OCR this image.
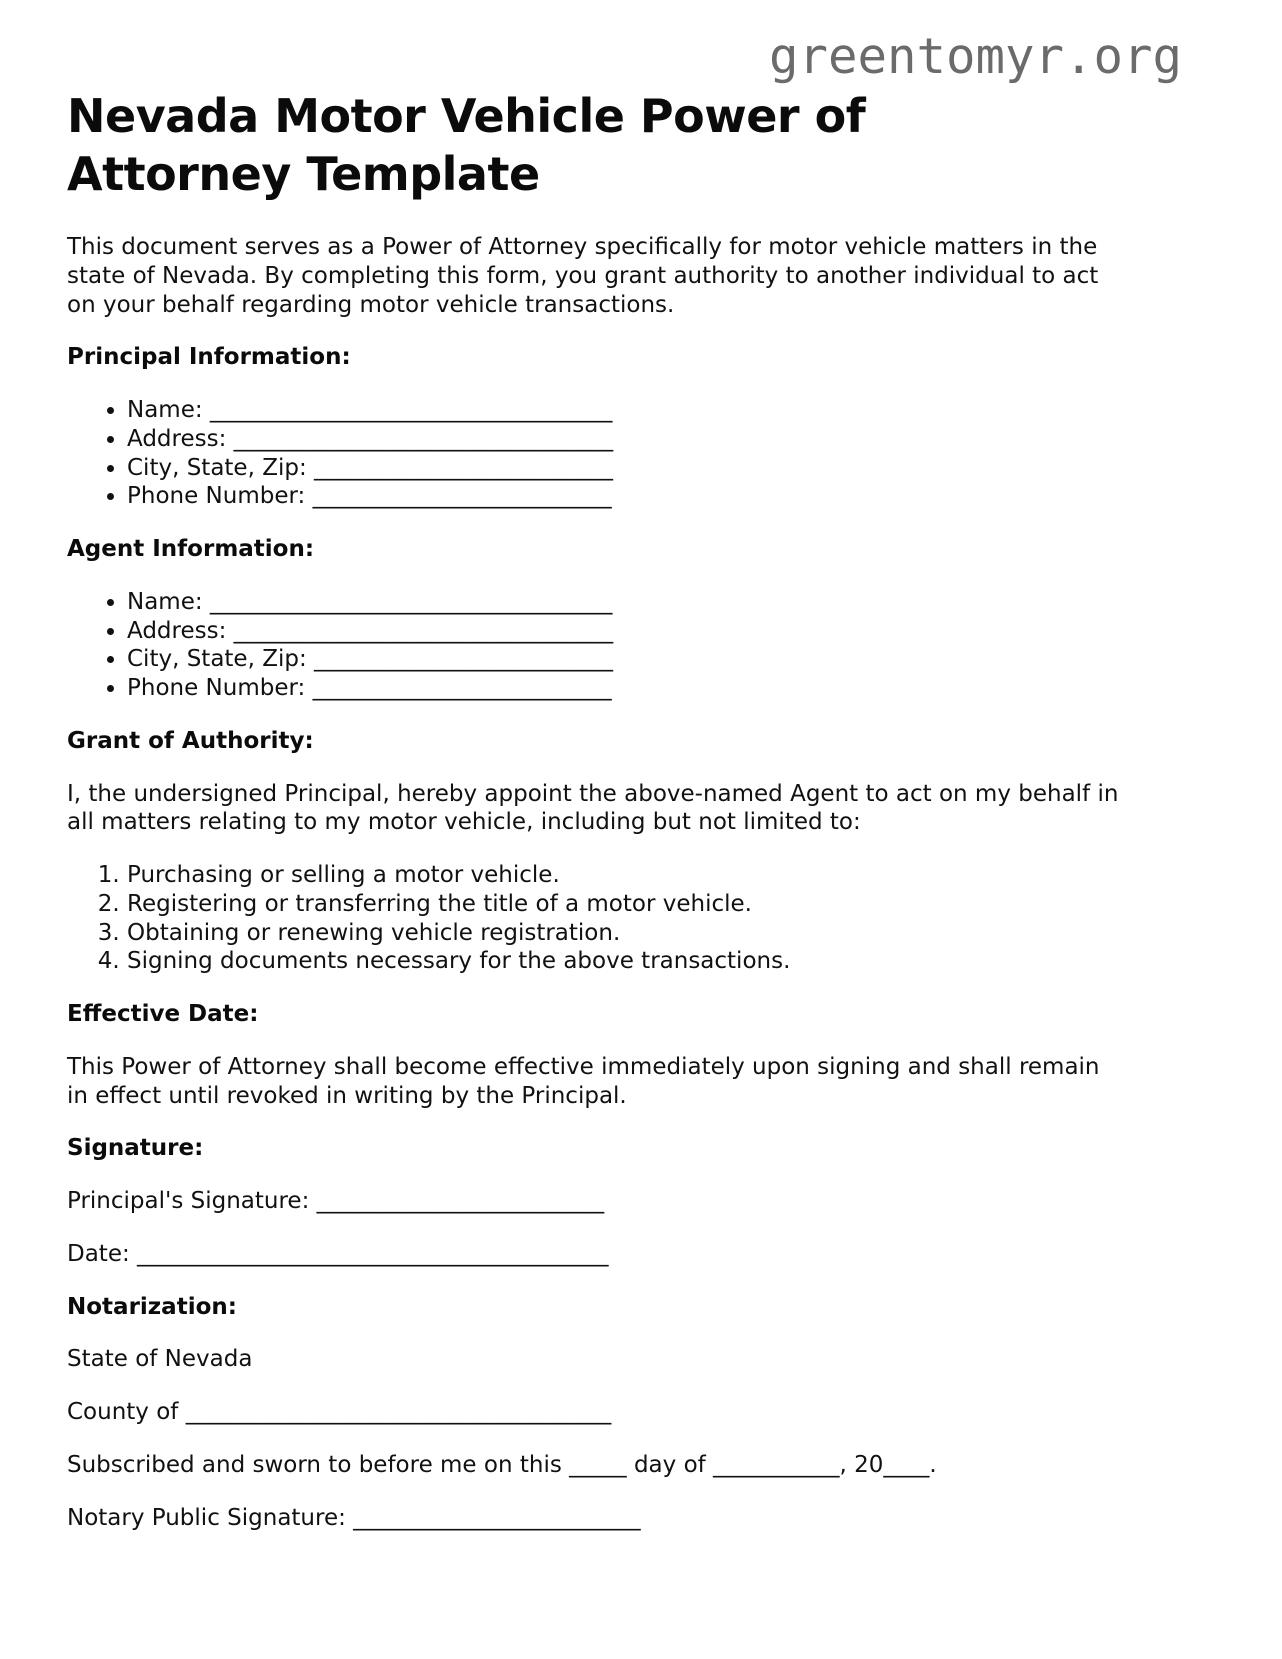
greentomyr.org
Nevada Motor Vehicle Power of Attorney Template

This document serves as a Power of Attorney specifically for motor vehicle matters in the state of Nevada. By completing this form, you grant authority to another individual to act on your behalf regarding motor vehicle transactions.

Principal Information:
• Name: ___________________________________
• Address: _________________________________
• City, State, Zip: __________________________
• Phone Number: __________________________
Agent Information:
• Name: ___________________________________
• Address: _________________________________
• City, State, Zip: __________________________
• Phone Number: __________________________
Grant of Authority:

I, the undersigned Principal, hereby appoint the above-named Agent to act on my behalf in all matters relating to my motor vehicle, including but not limited to:

1. Purchasing or selling a motor vehicle.
2. Registering or transferring the title of a motor vehicle.
3. Obtaining or renewing vehicle registration.
4. Signing documents necessary for the above transactions.
Effective Date:

This Power of Attorney shall become effective immediately upon signing and shall remain in effect until revoked in writing by the Principal.

Signature:

Principal's Signature: _________________________

Date: _________________________________________

Notarization:

State of Nevada

County of _____________________________________

Subscribed and sworn to before me on this _____ day of ___________, 20____.

Notary Public Signature: _________________________
